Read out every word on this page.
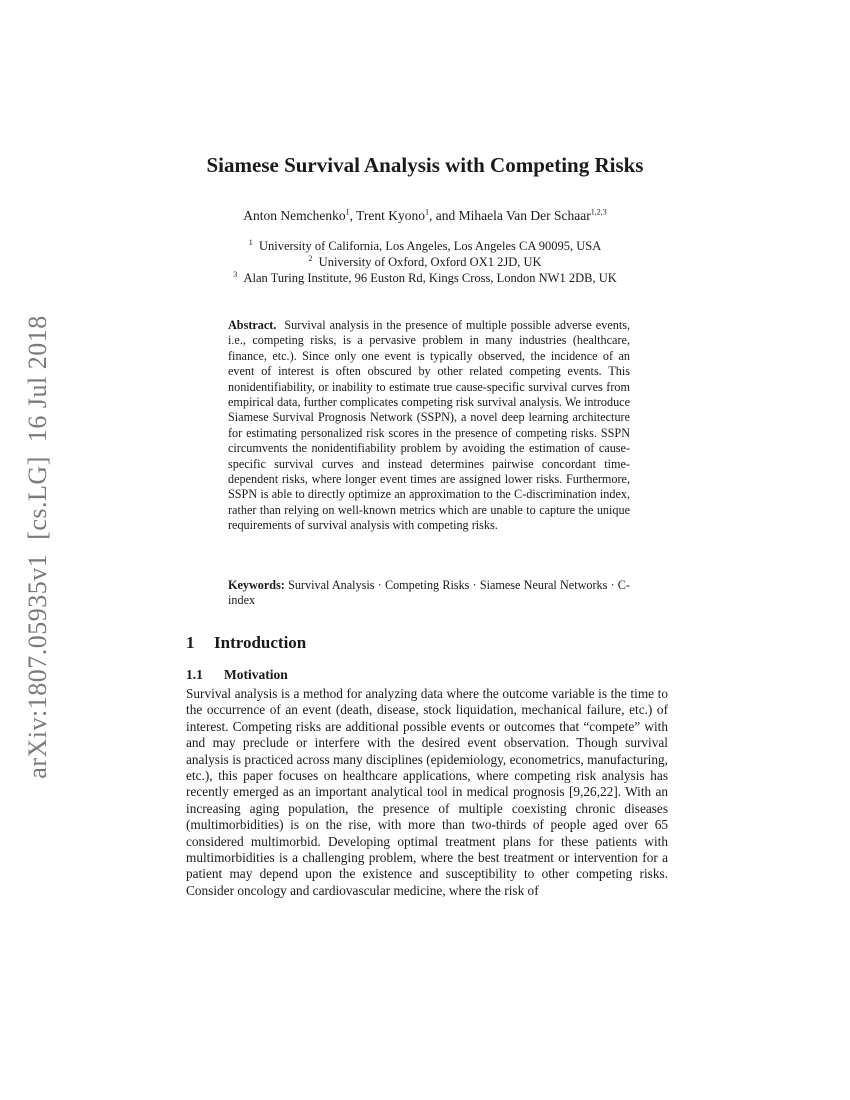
arXiv:1807.05935v1[cs.LG]16 Jul 2018
Siamese Survival Analysis with Competing Risks
Anton Nemchenko$^1$, Trent Kyono$^1$, and Mihaela Van Der Schaar$^{1,2,3}$
$^1$ University of California, Los Angeles, Los Angeles CA 90095, USA
$^2$ University of Oxford, Oxford OX1 2JD, UK
$^3$ Alan Turing Institute, 96 Euston Rd, Kings Cross, London NW1 2DB, UK
Abstract. Survival analysis in the presence of multiple possible adverse events, i.e., competing risks, is a pervasive problem in many industries (healthcare, finance, etc.). Since only one event is typically observed, the incidence of an event of interest is often obscured by other related competing events. This nonidentifiability, or inability to estimate true cause-specific survival curves from empirical data, further complicates competing risk survival analysis. We introduce Siamese Survival Prognosis Network (SSPN), a novel deep learning architecture for estimating personalized risk scores in the presence of competing risks. SSPN circumvents the nonidentifiability problem by avoiding the estimation of cause-specific survival curves and instead determines pairwise concordant time-dependent risks, where longer event times are assigned lower risks. Furthermore, SSPN is able to directly optimize an approximation to the C-discrimination index, rather than relying on well-known metrics which are unable to capture the unique requirements of survival analysis with competing risks.
Keywords: Survival Analysis · Competing Risks · Siamese Neural Networks · C-index
1 Introduction
1.1 Motivation
Survival analysis is a method for analyzing data where the outcome variable is the time to the occurrence of an event (death, disease, stock liquidation, mechanical failure, etc.) of interest. Competing risks are additional possible events or outcomes that “compete” with and may preclude or interfere with the desired event observation. Though survival analysis is practiced across many disciplines (epidemiology, econometrics, manufacturing, etc.), this paper focuses on healthcare applications, where competing risk analysis has recently emerged as an important analytical tool in medical prognosis [9,26,22]. With an increasing aging population, the presence of multiple coexisting chronic diseases (multimorbidities) is on the rise, with more than two-thirds of people aged over 65 considered multimorbid. Developing optimal treatment plans for these patients with multimorbidities is a challenging problem, where the best treatment or intervention for a patient may depend upon the existence and susceptibility to other competing risks. Consider oncology and cardiovascular medicine, where the risk of
